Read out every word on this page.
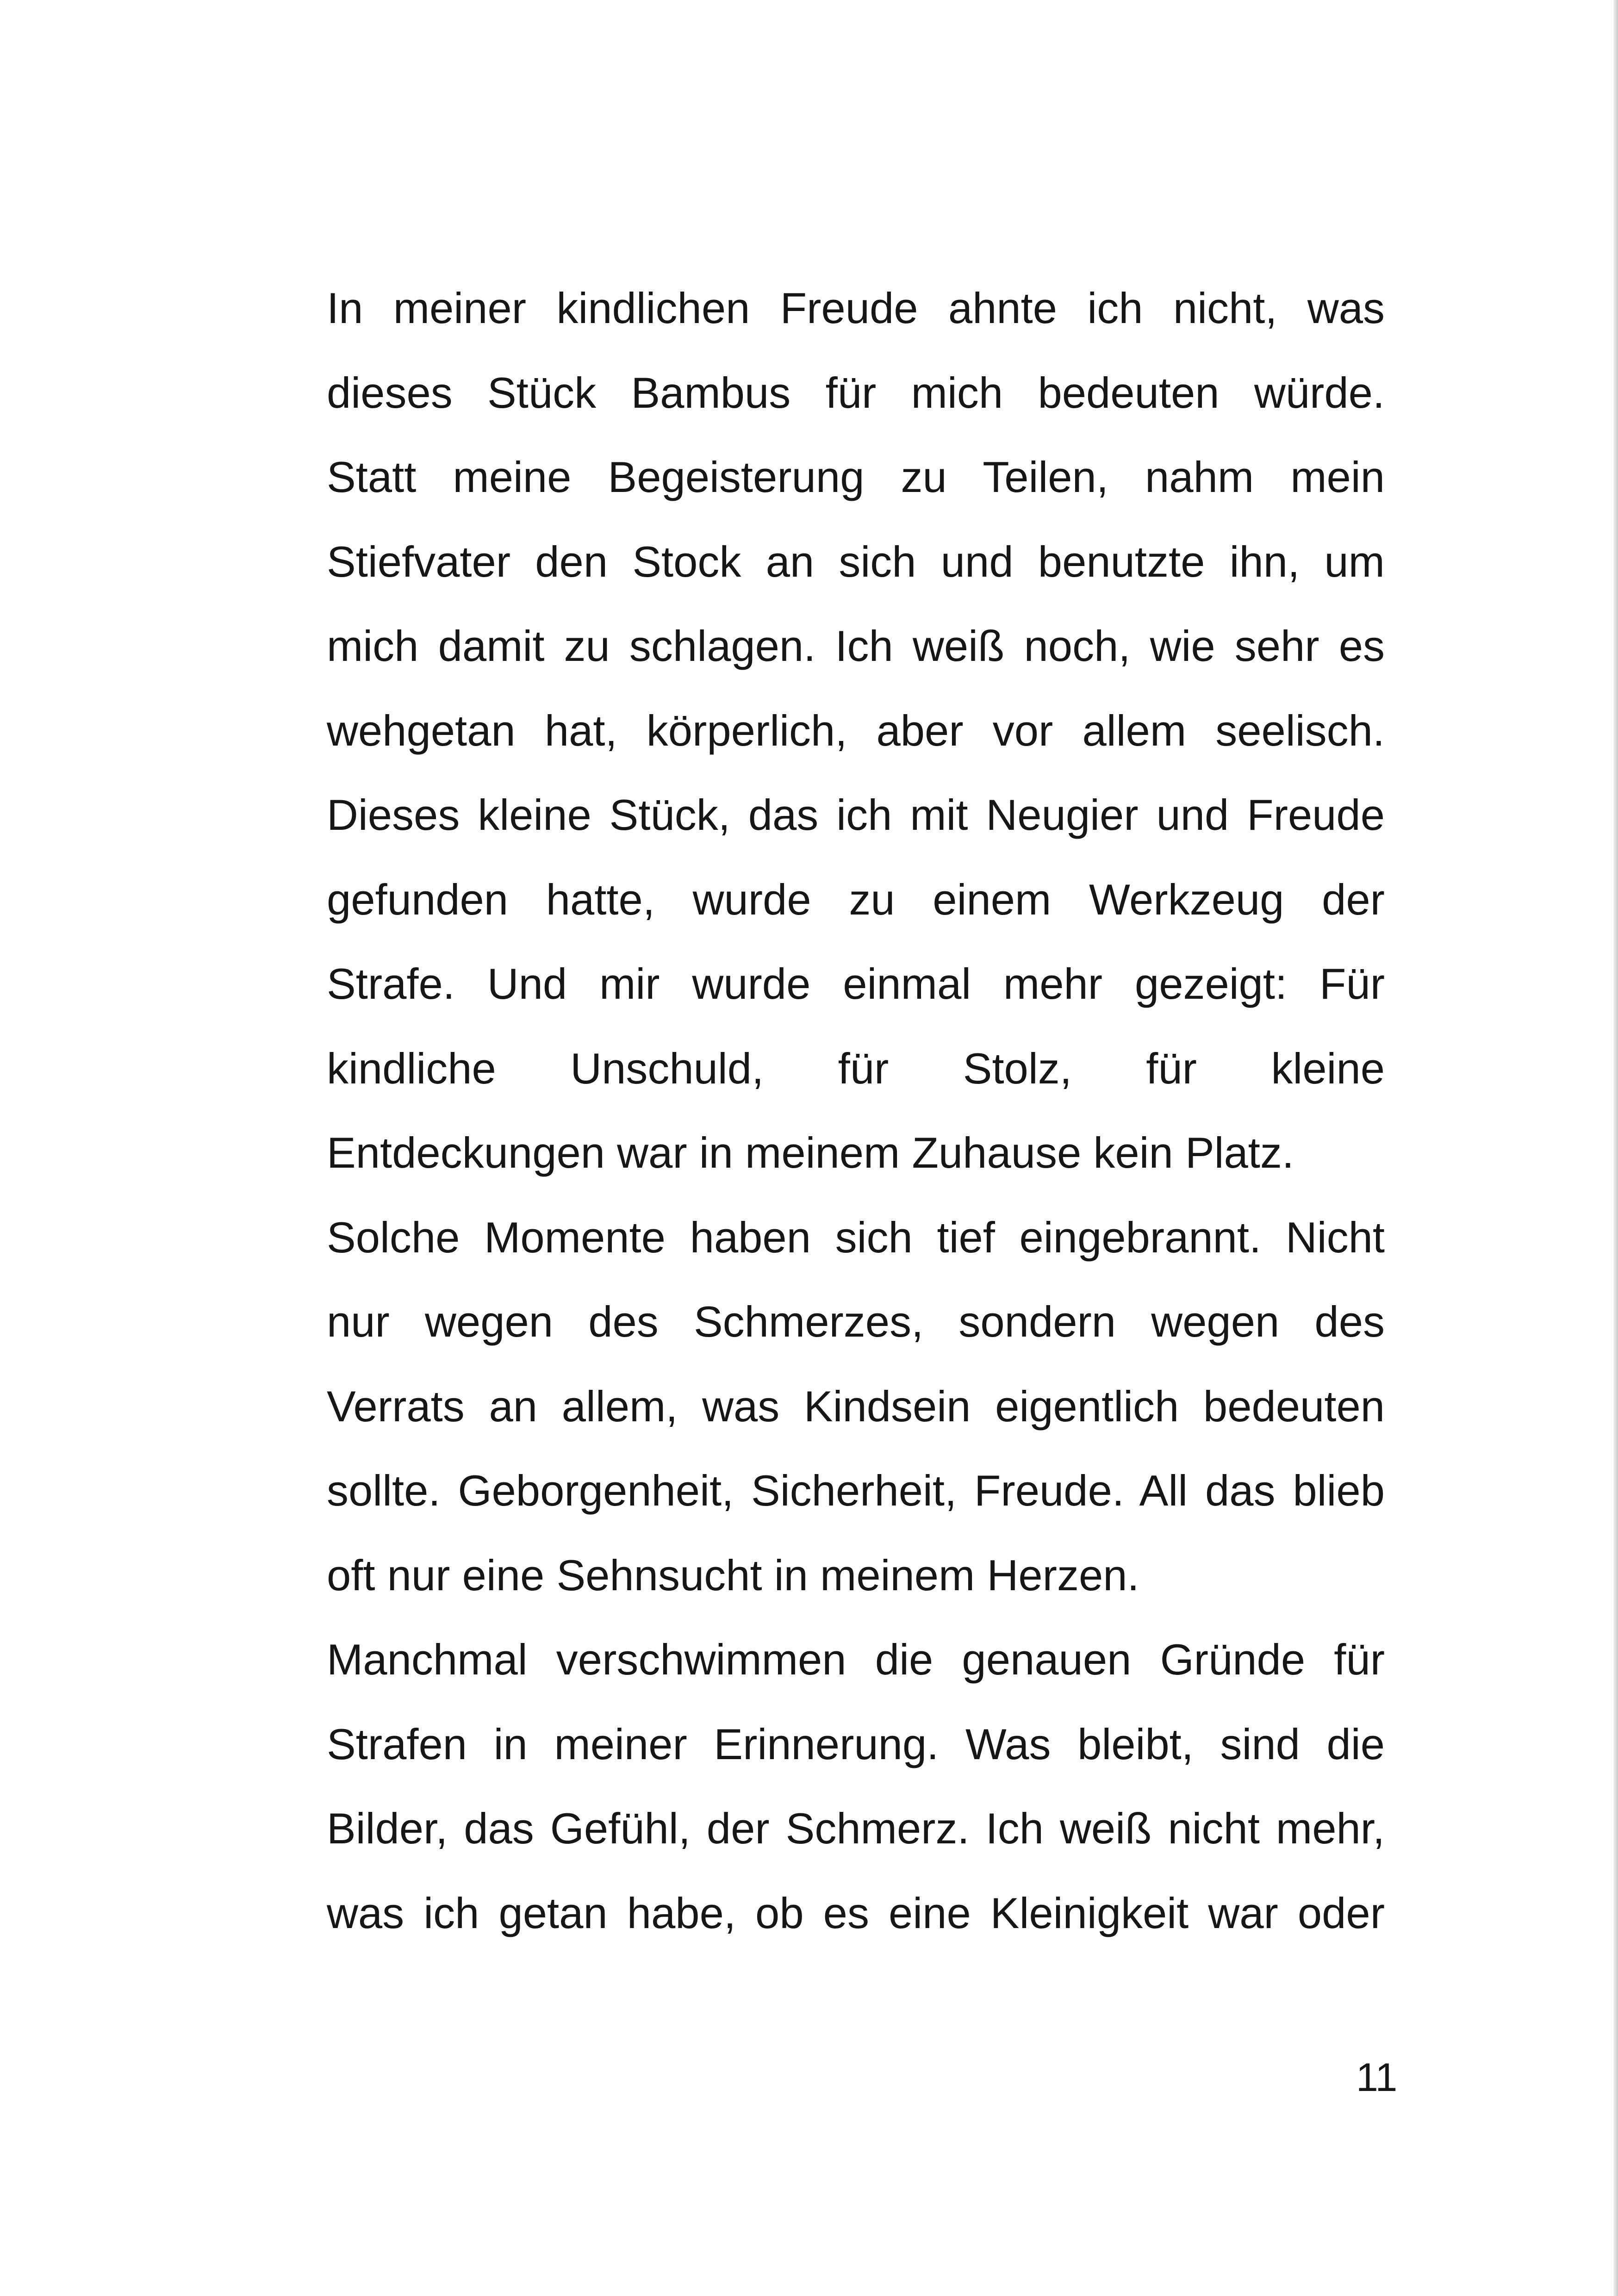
In meiner kindlichen Freude ahnte ich nicht, was
dieses Stück Bambus für mich bedeuten würde.
Statt meine Begeisterung zu Teilen, nahm mein
Stiefvater den Stock an sich und benutzte ihn, um
mich damit zu schlagen. Ich weiß noch, wie sehr es
wehgetan hat, körperlich, aber vor allem seelisch.
Dieses kleine Stück, das ich mit Neugier und Freude
gefunden hatte, wurde zu einem Werkzeug der
Strafe. Und mir wurde einmal mehr gezeigt: Für
kindliche Unschuld, für Stolz, für kleine
Entdeckungen war in meinem Zuhause kein Platz.
Solche Momente haben sich tief eingebrannt. Nicht
nur wegen des Schmerzes, sondern wegen des
Verrats an allem, was Kindsein eigentlich bedeuten
sollte. Geborgenheit, Sicherheit, Freude. All das blieb
oft nur eine Sehnsucht in meinem Herzen.
Manchmal verschwimmen die genauen Gründe für
Strafen in meiner Erinnerung. Was bleibt, sind die
Bilder, das Gefühl, der Schmerz. Ich weiß nicht mehr,
was ich getan habe, ob es eine Kleinigkeit war oder
11
